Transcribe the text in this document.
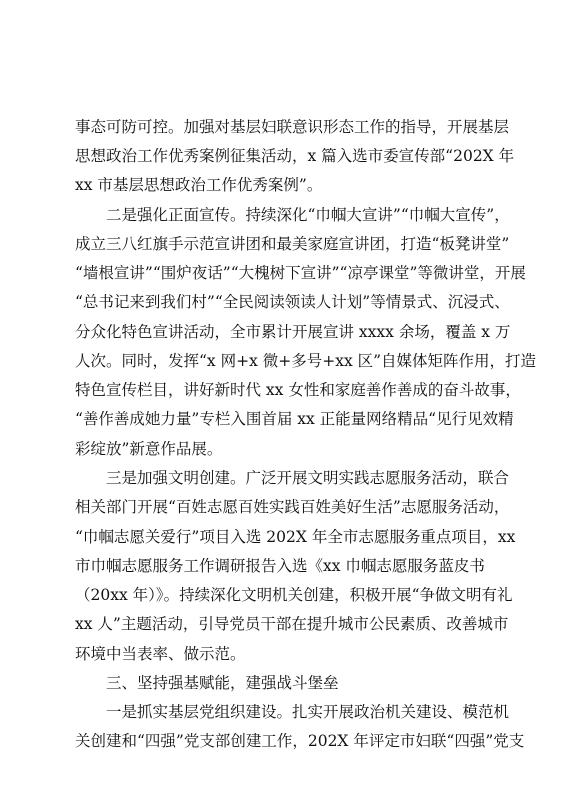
事态可防可控。加强对基层妇联意识形态工作的指导，开展基层
思想政治工作优秀案例征集活动，x 篇入选市委宣传部“202X 年
xx 市基层思想政治工作优秀案例”。
二是强化正面宣传。持续深化“巾帼大宣讲”“巾帼大宣传”，
成立三八红旗手示范宣讲团和最美家庭宣讲团，打造“板凳讲堂”
“墙根宣讲”“围炉夜话”“大槐树下宣讲”“凉亭课堂”等微讲堂，开展
“总书记来到我们村”“全民阅读领读人计划”等情景式、沉浸式、
分众化特色宣讲活动，全市累计开展宣讲 xxxx 余场，覆盖 x 万
人次。同时，发挥“x 网+x 微+多号+xx 区”自媒体矩阵作用，打造
特色宣传栏目，讲好新时代 xx 女性和家庭善作善成的奋斗故事，
“善作善成她力量”专栏入围首届 xx 正能量网络精品“见行见效精
彩绽放”新意作品展。
三是加强文明创建。广泛开展文明实践志愿服务活动，联合
相关部门开展“百姓志愿百姓实践百姓美好生活”志愿服务活动，
“巾帼志愿关爱行”项目入选 202X 年全市志愿服务重点项目，xx
市巾帼志愿服务工作调研报告入选《xx 巾帼志愿服务蓝皮书
（20xx 年）》。持续深化文明机关创建，积极开展“争做文明有礼
xx 人”主题活动，引导党员干部在提升城市公民素质、改善城市
环境中当表率、做示范。
三、坚持强基赋能，建强战斗堡垒
一是抓实基层党组织建设。扎实开展政治机关建设、模范机
关创建和“四强”党支部创建工作，202X 年评定市妇联“四强”党支
